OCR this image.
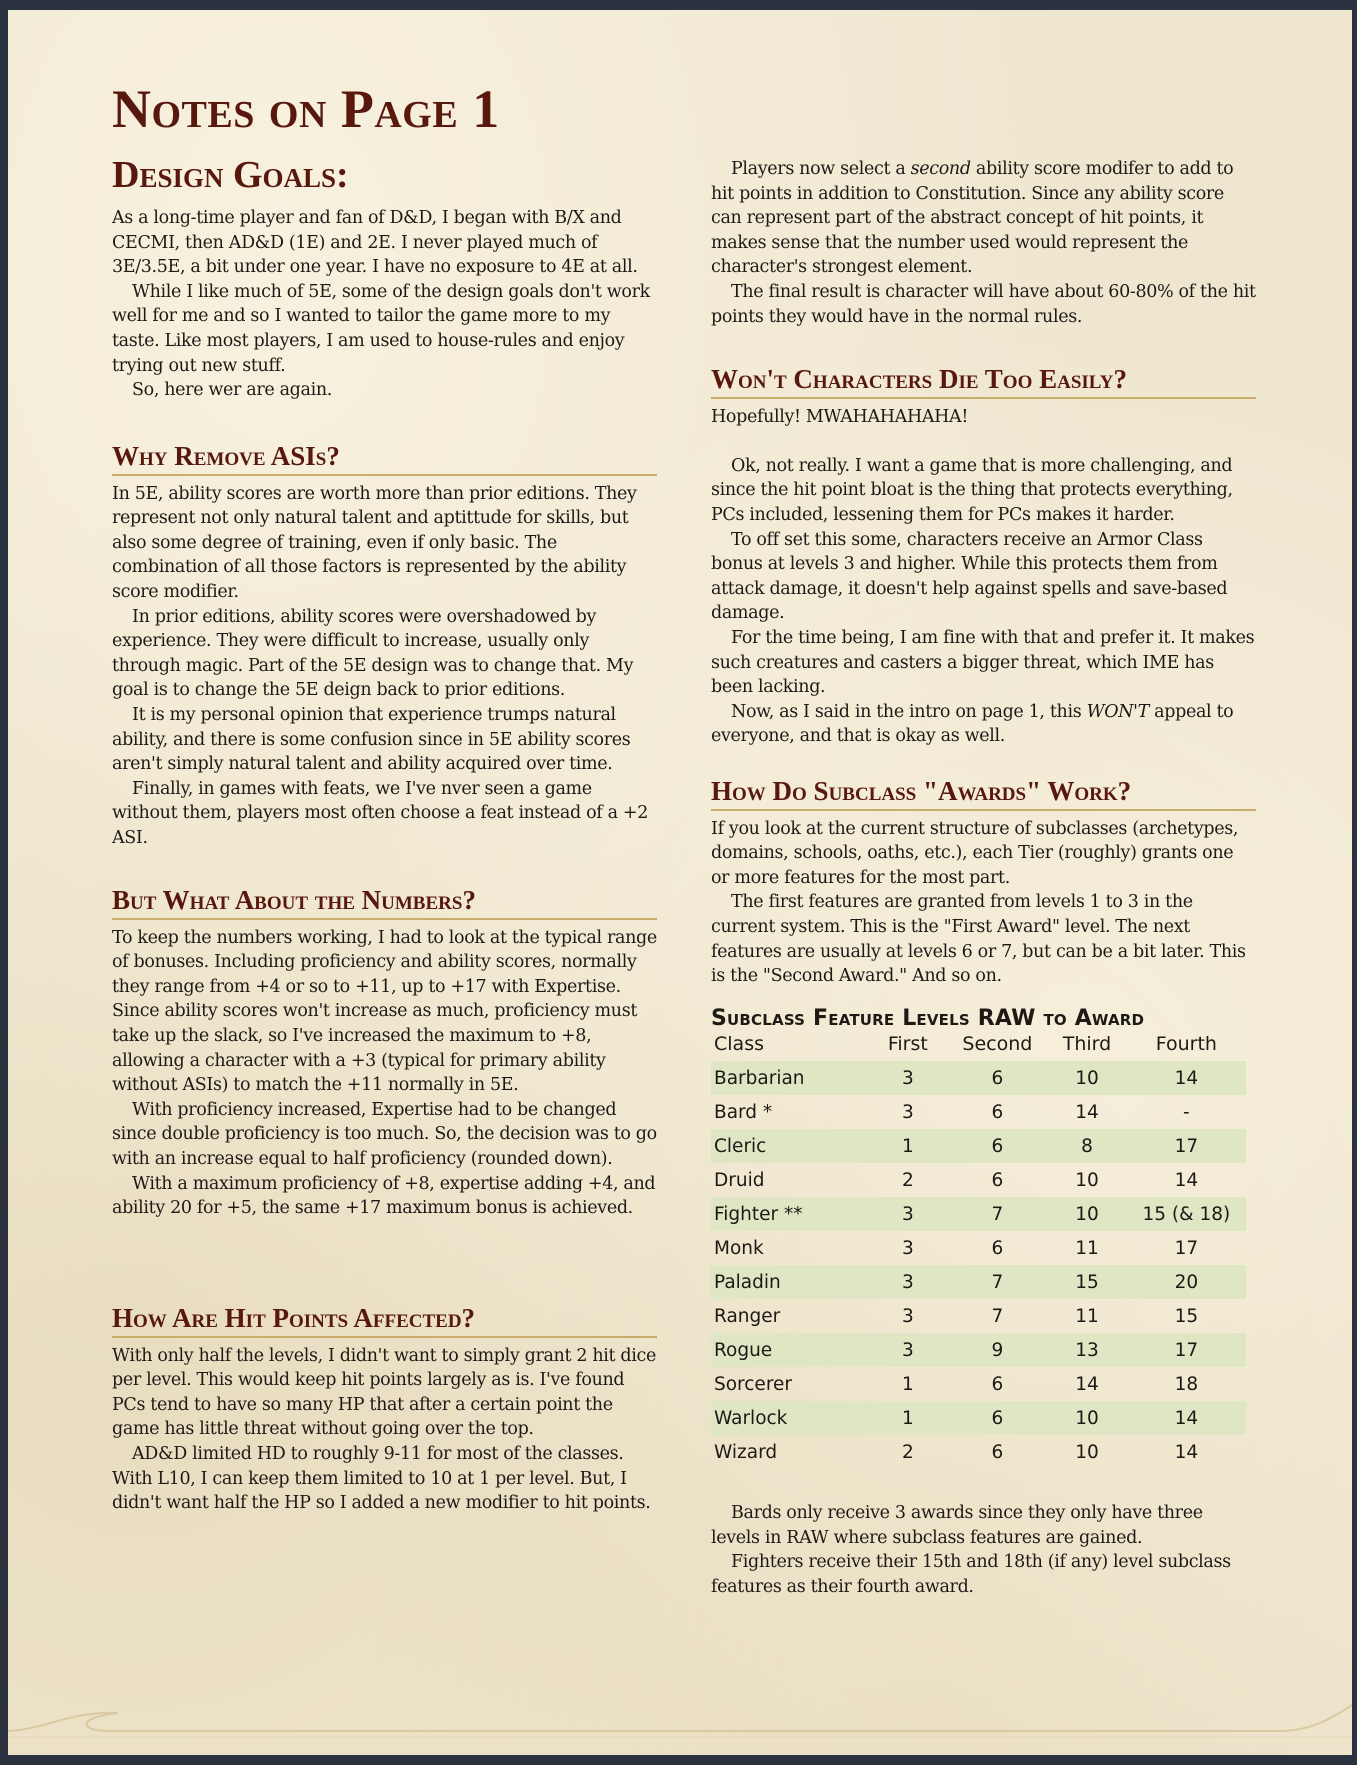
Notes on Page 1
Design Goals:

As a long-time player and fan of D&D, I began with B/X and CECMI, then AD&D (1E) and 2E. I never played much of 3E/3.5E, a bit under one year. I have no exposure to 4E at all.

While I like much of 5E, some of the design goals don't work well for me and so I wanted to tailor the game more to my taste. Like most players, I am used to house-rules and enjoy trying out new stuff.

So, here wer are again.

Why Remove ASIs?

In 5E, ability scores are worth more than prior editions. They represent not only natural talent and aptittude for skills, but also some degree of training, even if only basic. The combination of all those factors is represented by the ability score modifier.

In prior editions, ability scores were overshadowed by experience. They were difficult to increase, usually only through magic. Part of the 5E design was to change that. My goal is to change the 5E deign back to prior editions.

It is my personal opinion that experience trumps natural ability, and there is some confusion since in 5E ability scores aren't simply natural talent and ability acquired over time.

Finally, in games with feats, we I've nver seen a game without them, players most often choose a feat instead of a +2 ASI.

But What About the Numbers?

To keep the numbers working, I had to look at the typical range of bonuses. Including proficiency and ability scores, normally they range from +4 or so to +11, up to +17 with Expertise. Since ability scores won't increase as much, proficiency must take up the slack, so I've increased the maximum to +8, allowing a character with a +3 (typical for primary ability without ASIs) to match the +11 normally in 5E.

With proficiency increased, Expertise had to be changed since double proficiency is too much. So, the decision was to go with an increase equal to half proficiency (rounded down).

With a maximum proficiency of +8, expertise adding +4, and ability 20 for +5, the same +17 maximum bonus is achieved.

How Are Hit Points Affected?

With only half the levels, I didn't want to simply grant 2 hit dice per level. This would keep hit points largely as is. I've found PCs tend to have so many HP that after a certain point the game has little threat without going over the top.

AD&D limited HD to roughly 9-11 for most of the classes. With L10, I can keep them limited to 10 at 1 per level. But, I didn't want half the HP so I added a new modifier to hit points.

Players now select a second ability score modifer to add to hit points in addition to Constitution. Since any ability score can represent part of the abstract concept of hit points, it makes sense that the number used would represent the character's strongest element.

The final result is character will have about 60-80% of the hit points they would have in the normal rules.

Won't Characters Die Too Easily?

Hopefully! MWAHAHAHAHA!

Ok, not really. I want a game that is more challenging, and since the hit point bloat is the thing that protects everything, PCs included, lessening them for PCs makes it harder.

To off set this some, characters receive an Armor Class bonus at levels 3 and higher. While this protects them from attack damage, it doesn't help against spells and save-based damage.

For the time being, I am fine with that and prefer it. It makes such creatures and casters a bigger threat, which IME has been lacking.

Now, as I said in the intro on page 1, this WON'T appeal to everyone, and that is okay as well.

How Do Subclass "Awards" Work?

If you look at the current structure of subclasses (archetypes, domains, schools, oaths, etc.), each Tier (roughly) grants one or more features for the most part.

The first features are granted from levels 1 to 3 in the current system. This is the "First Award" level. The next features are usually at levels 6 or 7, but can be a bit later. This is the "Second Award." And so on.

Subclass Feature Levels RAW to Award
Class	First	Second	Third	Fourth
Barbarian	3	6	10	14
Bard *	3	6	14	-
Cleric	1	6	8	17
Druid	2	6	10	14
Fighter **	3	7	10	15 (& 18)
Monk	3	6	11	17
Paladin	3	7	15	20
Ranger	3	7	11	15
Rogue	3	9	13	17
Sorcerer	1	6	14	18
Warlock	1	6	10	14
Wizard	2	6	10	14

Bards only receive 3 awards since they only have three levels in RAW where subclass features are gained.

Fighters receive their 15th and 18th (if any) level subclass features as their fourth award.
